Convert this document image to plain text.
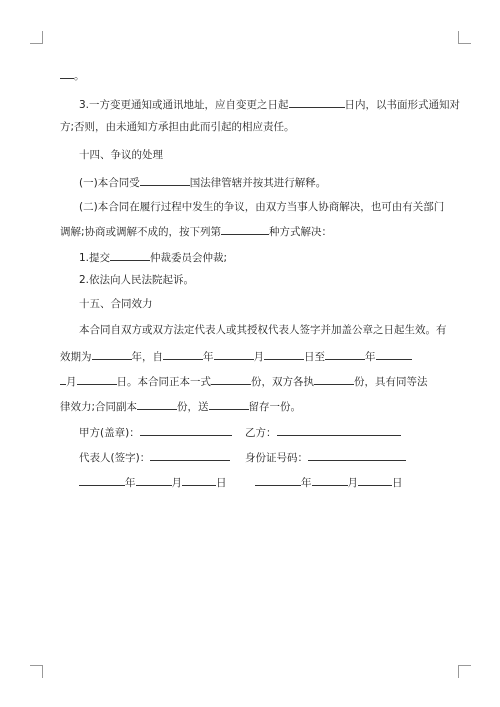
。
3.一方变更通知或通讯地址，应自变更之日起	日内，以书面形式通知对
方;否则，由未通知方承担由此而引起的相应责任。
十四、争议的处理
(一)本合同受	国法律管辖并按其进行解释。
(二)本合同在履行过程中发生的争议，由双方当事人协商解决，也可由有关部门
调解;协商或调解不成的，按下列第	种方式解决：
1.提交	仲裁委员会仲裁;
2.依法向人民法院起诉。
十五、合同效力
本合同自双方或双方法定代表人或其授权代表人签字并加盖公章之日起生效。有
效期为	年，自	年	月	日至	年
月	日。本合同正本一式	份，双方各执	份，具有同等法
律效力;合同副本	份，送	留存一份。
甲方(盖章)：	乙方：
代表人(签字)：	身份证号码：
年	月	日	年	月	日
